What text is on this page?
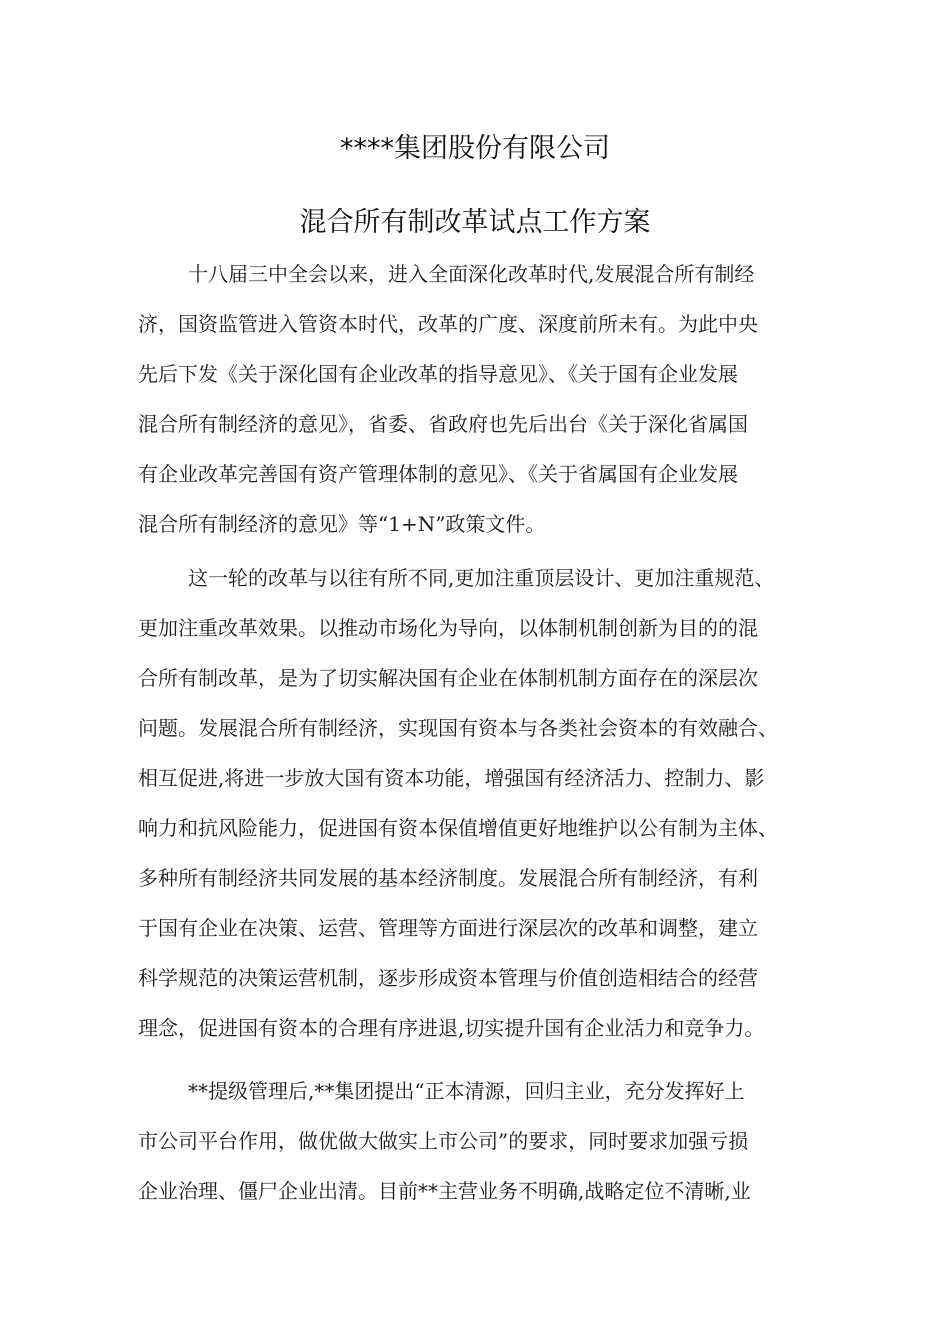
****集团股份有限公司
混合所有制改革试点工作方案

十八届三中全会以来，进入全面深化改革时代,发展混合所有制经
济，国资监管进入管资本时代，改革的广度、深度前所未有。为此中央
先后下发《关于深化国有企业改革的指导意见》、《关于国有企业发展
混合所有制经济的意见》，省委、省政府也先后出台《关于深化省属国
有企业改革完善国有资产管理体制的意见》、《关于省属国有企业发展
混合所有制经济的意见》等“1+N”政策文件。

这一轮的改革与以往有所不同,更加注重顶层设计、更加注重规范、
更加注重改革效果。以推动市场化为导向，以体制机制创新为目的的混
合所有制改革，是为了切实解决国有企业在体制机制方面存在的深层次
问题。发展混合所有制经济，实现国有资本与各类社会资本的有效融合、
相互促进,将进一步放大国有资本功能，增强国有经济活力、控制力、影
响力和抗风险能力，促进国有资本保值增值更好地维护以公有制为主体、
多种所有制经济共同发展的基本经济制度。发展混合所有制经济，有利
于国有企业在决策、运营、管理等方面进行深层次的改革和调整，建立
科学规范的决策运营机制，逐步形成资本管理与价值创造相结合的经营
理念，促进国有资本的合理有序进退,切实提升国有企业活力和竞争力。

**提级管理后,**集团提出“正本清源，回归主业，充分发挥好上
市公司平台作用，做优做大做实上市公司”的要求，同时要求加强亏损
企业治理、僵尸企业出清。目前**主营业务不明确,战略定位不清晰,业
